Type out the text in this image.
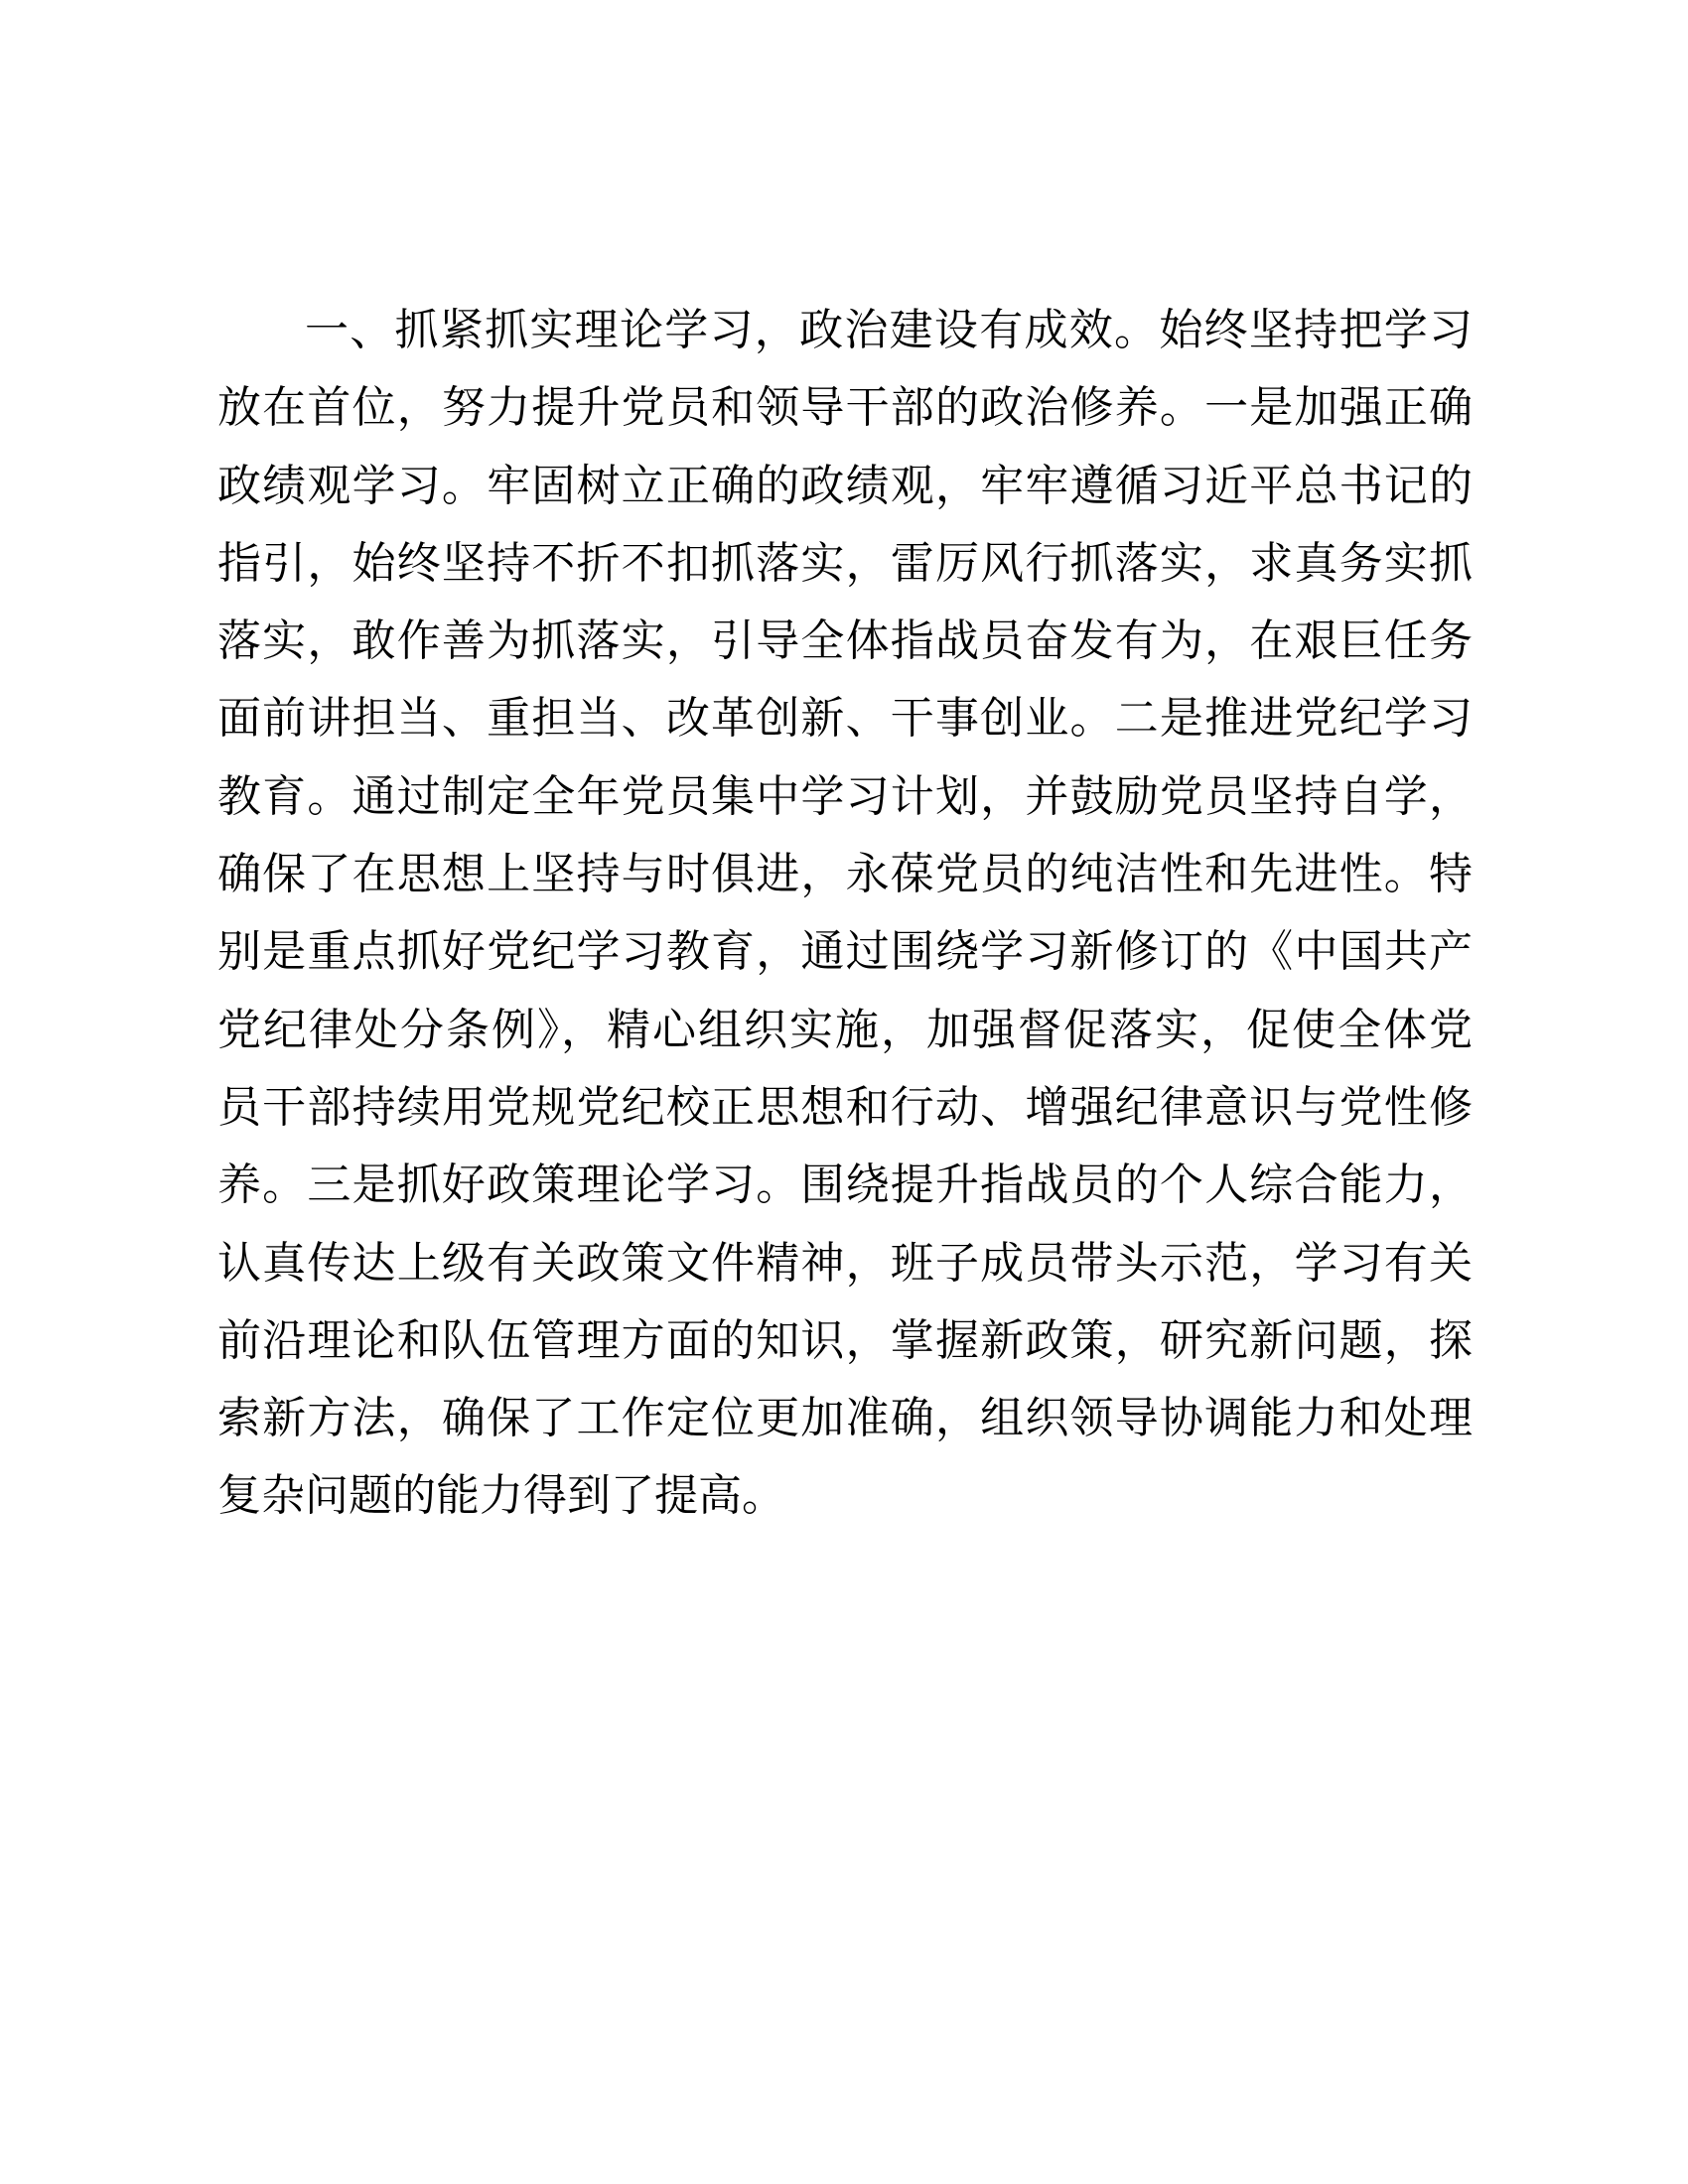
一、抓紧抓实理论学习，政治建设有成效。始终坚持把学习
放在首位，努力提升党员和领导干部的政治修养。一是加强正确
政绩观学习。牢固树立正确的政绩观，牢牢遵循习近平总书记的
指引，始终坚持不折不扣抓落实，雷厉风行抓落实，求真务实抓
落实，敢作善为抓落实，引导全体指战员奋发有为，在艰巨任务
面前讲担当、重担当、改革创新、干事创业。二是推进党纪学习
教育。通过制定全年党员集中学习计划，并鼓励党员坚持自学，
确保了在思想上坚持与时俱进，永葆党员的纯洁性和先进性。特
别是重点抓好党纪学习教育，通过围绕学习新修订的《中国共产
党纪律处分条例》，精心组织实施，加强督促落实，促使全体党
员干部持续用党规党纪校正思想和行动、增强纪律意识与党性修
养。三是抓好政策理论学习。围绕提升指战员的个人综合能力，
认真传达上级有关政策文件精神，班子成员带头示范，学习有关
前沿理论和队伍管理方面的知识，掌握新政策，研究新问题，探
索新方法，确保了工作定位更加准确，组织领导协调能力和处理
复杂问题的能力得到了提高。
